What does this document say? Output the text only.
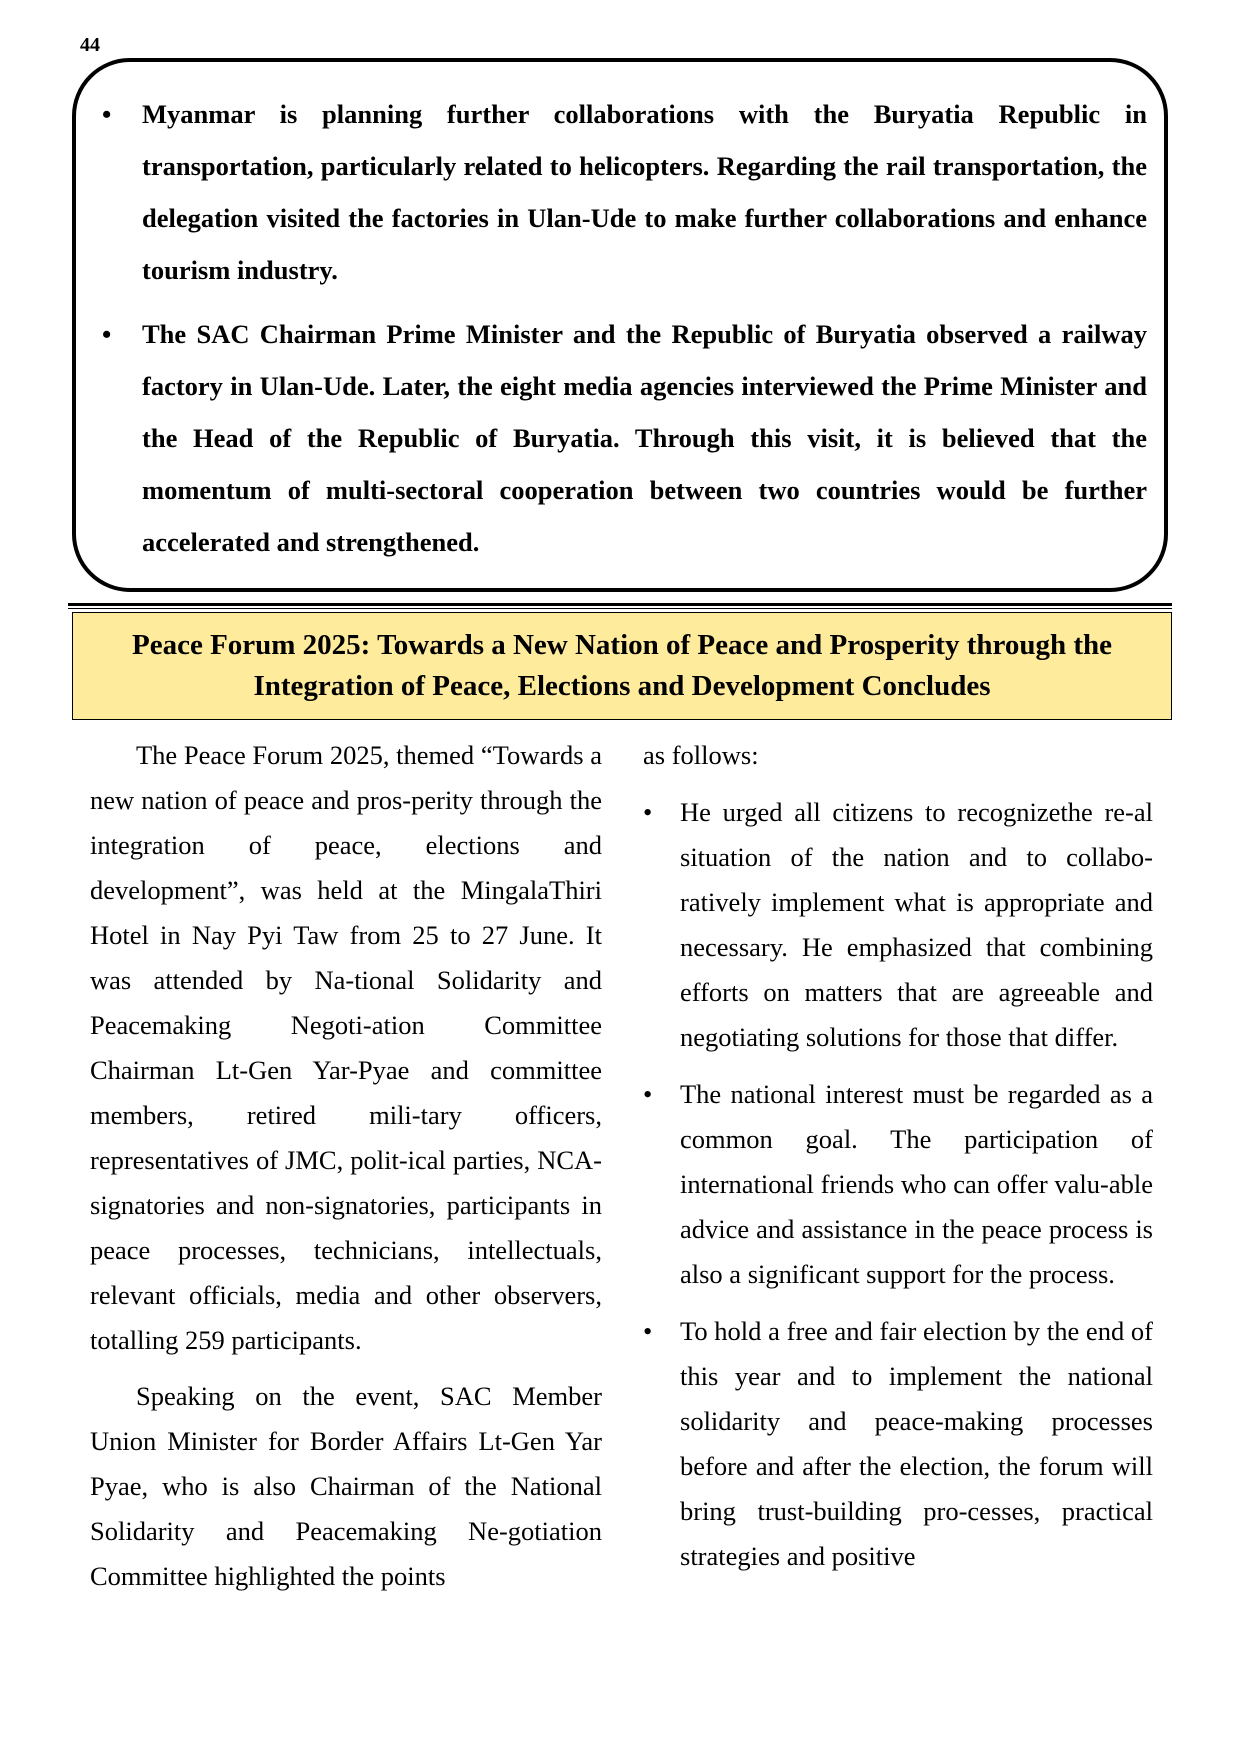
44
• Myanmar is planning further collaborations with the Buryatia Republic in transportation, particularly related to helicopters. Regarding the rail transportation, the delegation visited the factories in Ulan-Ude to make further collaborations and enhance tourism industry.
• The SAC Chairman Prime Minister and the Republic of Buryatia observed a railway factory in Ulan-Ude. Later, the eight media agencies interviewed the Prime Minister and the Head of the Republic of Buryatia. Through this visit, it is believed that the momentum of multi-sectoral cooperation between two countries would be further accelerated and strengthened.
Peace Forum 2025: Towards a New Nation of Peace and Prosperity through the
Integration of Peace, Elections and Development Concludes

The Peace Forum 2025, themed “Towards a new nation of peace and pros-perity through the integration of peace, elections and development”, was held at the MingalaThiri Hotel in Nay Pyi Taw from 25 to 27 June. It was attended by Na-tional Solidarity and Peacemaking Negoti-ation Committee Chairman Lt-Gen Yar-Pyae and committee members, retired mili-tary officers, representatives of JMC, polit-ical parties, NCA-signatories and non-signatories, participants in peace processes, technicians, intellectuals, relevant officials, media and other observers, totalling 259 participants.

Speaking on the event, SAC Member Union Minister for Border Affairs Lt-Gen Yar Pyae, who is also Chairman of the National Solidarity and Peacemaking Ne-gotiation Committee highlighted the points

as follows:

• He urged all citizens to recognizethe re-al situation of the nation and to collabo-ratively implement what is appropriate and necessary. He emphasized that combining efforts on matters that are agreeable and negotiating solutions for those that differ.
• The national interest must be regarded as a common goal. The participation of international friends who can offer valu-able advice and assistance in the peace process is also a significant support for the process.
• To hold a free and fair election by the end of this year and to implement the national solidarity and peace-making processes before and after the election, the forum will bring trust-building pro-cesses, practical strategies and positive
